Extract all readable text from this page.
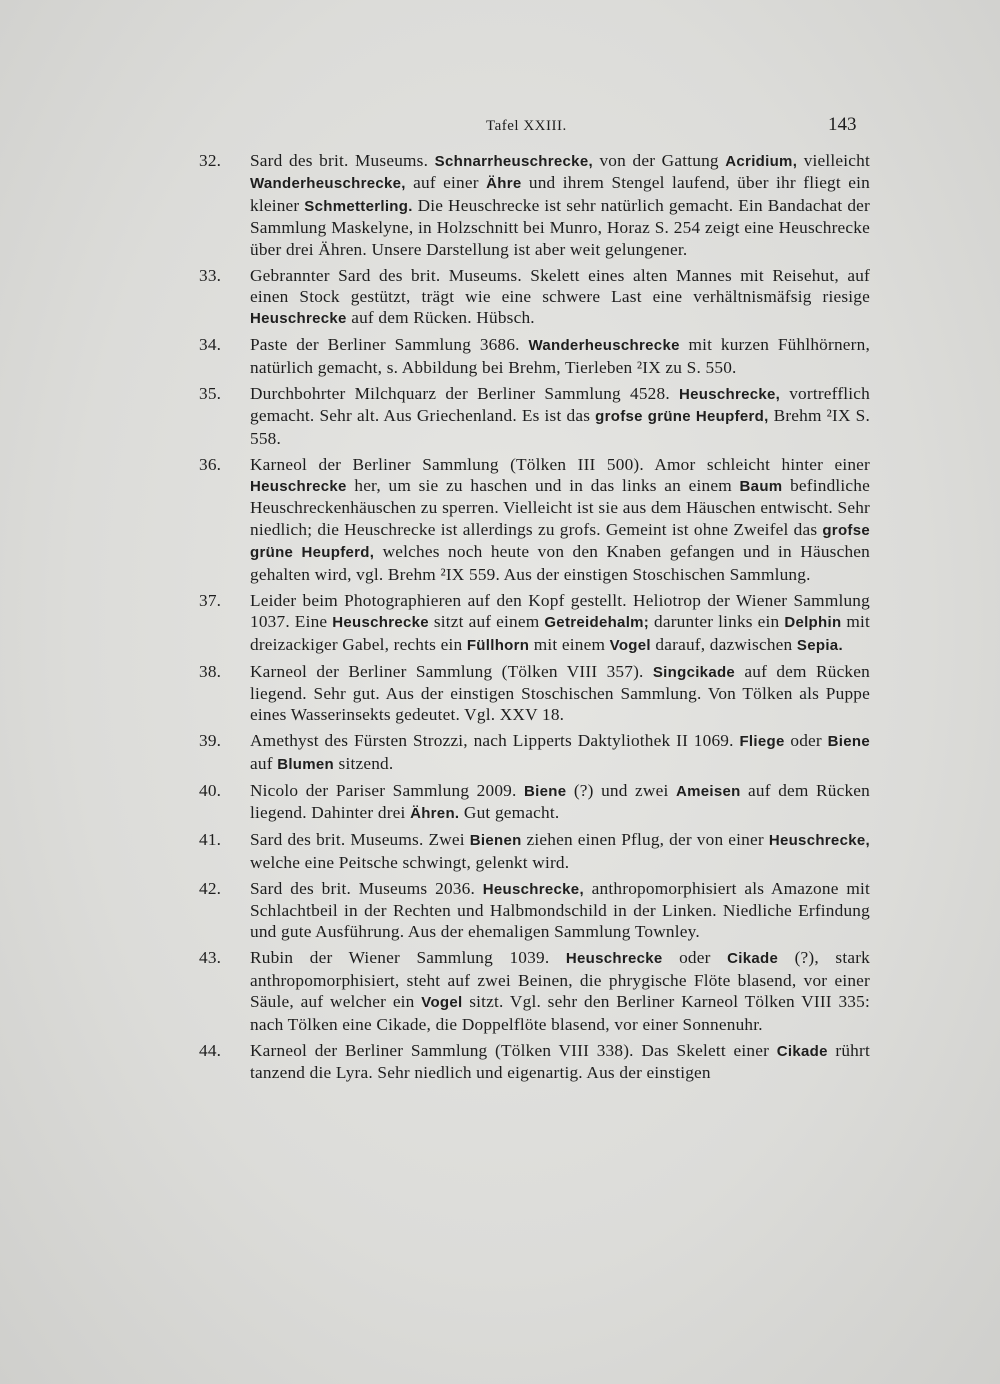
Tafel XXIII.	143
32.	Sard des brit. Museums. Schnarrheuschrecke, von der Gattung Acridium, vielleicht Wanderheuschrecke, auf einer Ähre und ihrem Stengel laufend, über ihr fliegt ein kleiner Schmetterling. Die Heuschrecke ist sehr natürlich gemacht. Ein Bandachat der Sammlung Maskelyne, in Holzschnitt bei Munro, Horaz S. 254 zeigt eine Heuschrecke über drei Ähren. Unsere Darstellung ist aber weit gelungener.
33.	Gebrannter Sard des brit. Museums. Skelett eines alten Mannes mit Reisehut, auf einen Stock gestützt, trägt wie eine schwere Last eine verhältnismäfsig riesige Heuschrecke auf dem Rücken. Hübsch.
34.	Paste der Berliner Sammlung 3686. Wanderheuschrecke mit kurzen Fühlhörnern, natürlich gemacht, s. Abbildung bei Brehm, Tierleben ²IX zu S. 550.
35.	Durchbohrter Milchquarz der Berliner Sammlung 4528. Heuschrecke, vortrefflich gemacht. Sehr alt. Aus Griechenland. Es ist das grofse grüne Heupferd, Brehm ²IX S. 558.
36.	Karneol der Berliner Sammlung (Tölken III 500). Amor schleicht hinter einer Heuschrecke her, um sie zu haschen und in das links an einem Baum befindliche Heuschreckenhäuschen zu sperren. Vielleicht ist sie aus dem Häuschen entwischt. Sehr niedlich; die Heuschrecke ist allerdings zu grofs. Gemeint ist ohne Zweifel das grofse grüne Heupferd, welches noch heute von den Knaben gefangen und in Häuschen gehalten wird, vgl. Brehm ²IX 559. Aus der einstigen Stoschischen Sammlung.
37.	Leider beim Photographieren auf den Kopf gestellt. Heliotrop der Wiener Sammlung 1037. Eine Heuschrecke sitzt auf einem Getreidehalm; darunter links ein Delphin mit dreizackiger Gabel, rechts ein Füllhorn mit einem Vogel darauf, dazwischen Sepia.
38.	Karneol der Berliner Sammlung (Tölken VIII 357). Singcikade auf dem Rücken liegend. Sehr gut. Aus der einstigen Stoschischen Sammlung. Von Tölken als Puppe eines Wasserinsekts gedeutet. Vgl. XXV 18.
39.	Amethyst des Fürsten Strozzi, nach Lipperts Daktyliothek II 1069. Fliege oder Biene auf Blumen sitzend.
40.	Nicolo der Pariser Sammlung 2009. Biene (?) und zwei Ameisen auf dem Rücken liegend. Dahinter drei Ähren. Gut gemacht.
41.	Sard des brit. Museums. Zwei Bienen ziehen einen Pflug, der von einer Heuschrecke, welche eine Peitsche schwingt, gelenkt wird.
42.	Sard des brit. Museums 2036. Heuschrecke, anthropomorphisiert als Amazone mit Schlachtbeil in der Rechten und Halbmondschild in der Linken. Niedliche Erfindung und gute Ausführung. Aus der ehemaligen Sammlung Townley.
43.	Rubin der Wiener Sammlung 1039. Heuschrecke oder Cikade (?), stark anthropomorphisiert, steht auf zwei Beinen, die phrygische Flöte blasend, vor einer Säule, auf welcher ein Vogel sitzt. Vgl. sehr den Berliner Karneol Tölken VIII 335: nach Tölken eine Cikade, die Doppelflöte blasend, vor einer Sonnenuhr.
44.	Karneol der Berliner Sammlung (Tölken VIII 338). Das Skelett einer Cikade rührt tanzend die Lyra. Sehr niedlich und eigenartig. Aus der einstigen
